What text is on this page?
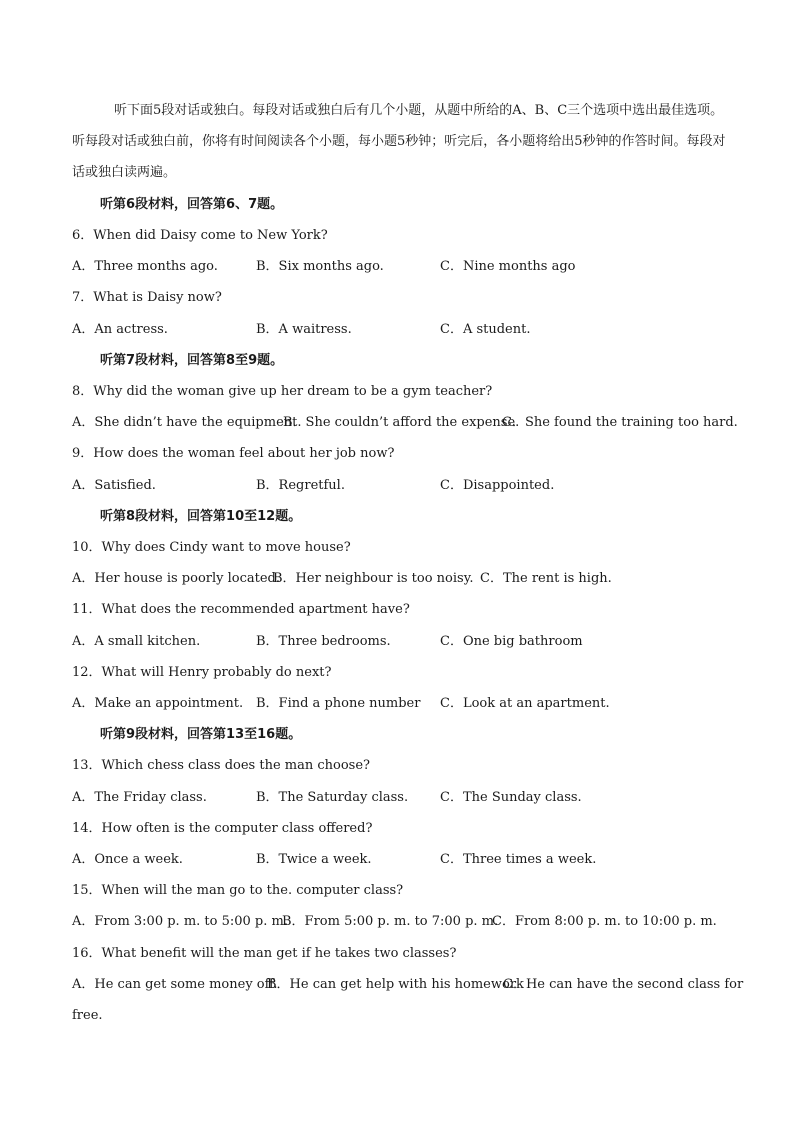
听下面5段对话或独白。每段对话或独白后有几个小题，从题中所给的A、B、C三个选项中选出最佳选项。听每段对话或独白前，你将有时间阅读各个小题，每小题5秒钟；听完后，各小题将给出5秒钟的作答时间。每段对话或独白读两遍。
听第6段材料，回答第6、7题。
6．When did Daisy come to New York?
A．Three months ago.	B．Six months ago.	C．Nine months ago
7．What is Daisy now?
A．An actress.	B．A waitress.	C．A student.
听第7段材料，回答第8至9题。
8．Why did the woman give up her dream to be a gym teacher?
A．She didn’t have the equipment.
B．She couldn’t afford the expense.
C．She found the training too hard.
9．How does the woman feel about her job now?
A．Satisfied.	B．Regretful.	C．Disappointed.
听第8段材料，回答第10至12题。
10．Why does Cindy want to move house?
A．Her house is poorly located.
B．Her neighbour is too noisy. C．The rent is high.
11．What does the recommended apartment have?
A．A small kitchen.	B．Three bedrooms.	C．One big bathroom
12．What will Henry probably do next?
A．Make an appointment. B．Find a phone number C．Look at an apartment.
听第9段材料，回答第13至16题。
13．Which chess class does the man choose?
A．The Friday class.	B．The Saturday class. C．The Sunday class.
14．How often is the computer class offered?
A．Once a week.	B．Twice a week.	C．Three times a week.
15．When will the man go to the. computer class?
A．From 3:00 p. m. to 5:00 p. m.
B．From 5:00 p. m. to 7:00 p. m.
C．From 8:00 p. m. to 10:00 p. m.
16．What benefit will the man get if he takes two classes?
A．He can get some money off.
B．He can get help with his homework
C．He can have the second class for
free.
